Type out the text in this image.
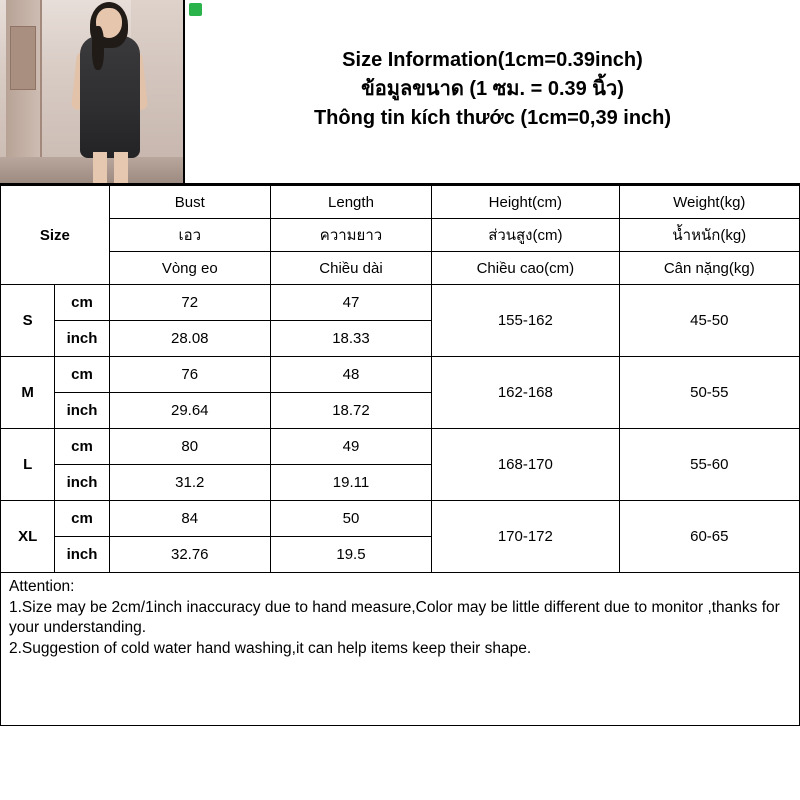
Size Information(1cm=0.39inch)
ข้อมูลขนาด (1 ซม. = 0.39 นิ้ว)
Thông tin kích thước (1cm=0,39 inch)
Size		Bust	Length	Height(cm)	Weight(kg)
		เอว	ความยาว	ส่วนสูง(cm)	น้ำหนัก(kg)
		Vòng eo	Chiều dài	Chiều cao(cm)	Cân nặng(kg)
S	cm	72	47	155-162	45-50
	inch	28.08	18.33		
M	cm	76	48	162-168	50-55
	inch	29.64	18.72		
L	cm	80	49	168-170	55-60
	inch	31.2	19.11		
XL	cm	84	50	170-172	60-65
	inch	32.76	19.5		
Attention:
1.Size may be 2cm/1inch inaccuracy due to hand measure,Color may be little different due to monitor ,thanks for your understanding.
2.Suggestion of cold water hand washing,it can help items keep their shape.
